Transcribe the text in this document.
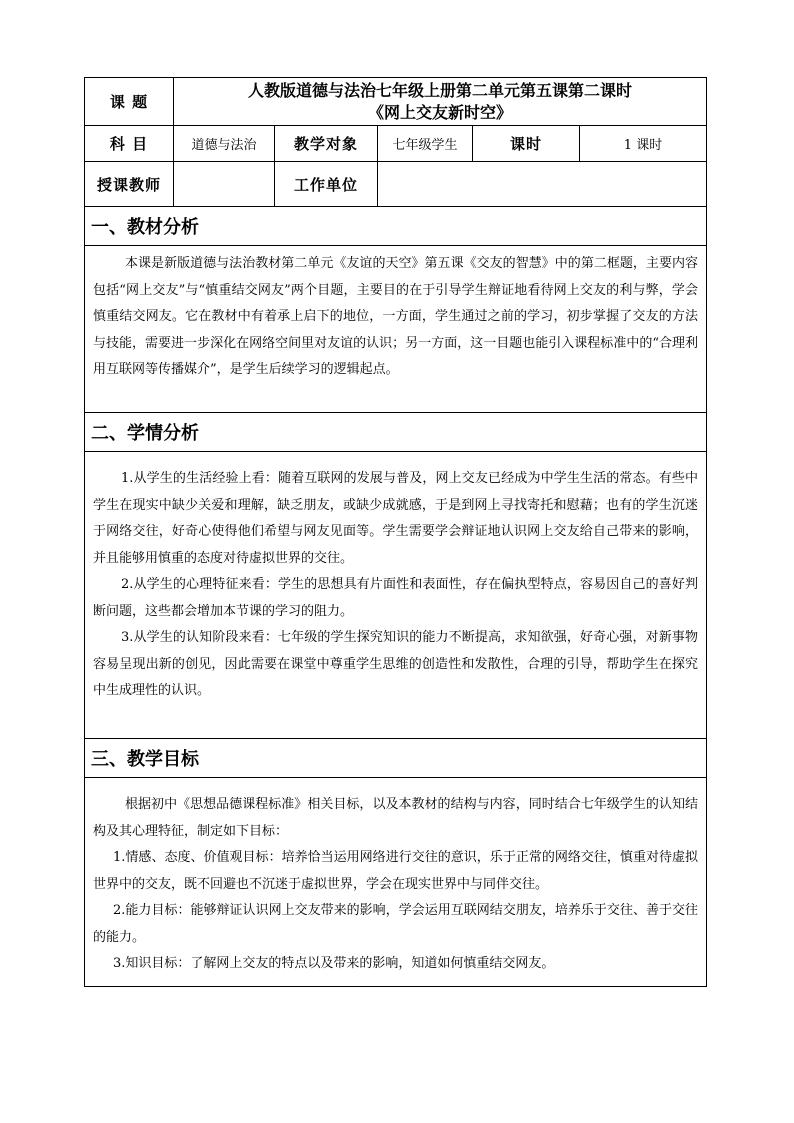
课 题	人教版道德与法治七年级上册第二单元第五课第二课时
《网上交友新时空》				

科 目	道德与法治	教学对象	七年级学生	课时	1 课时
授课教师		工作单位			
一、教材分析					

本课是新版道德与法治教材第二单元《友谊的天空》第五课《交友的智慧》中的第二框题，主要内容包括“网上交友”与“慎重结交网友”两个目题，主要目的在于引导学生辩证地看待网上交友的利与弊，学会慎重结交网友。它在教材中有着承上启下的地位，一方面，学生通过之前的学习，初步掌握了交友的方法与技能，需要进一步深化在网络空间里对友谊的认识；另一方面，这一目题也能引入课程标准中的“合理利用互联网等传播媒介”，是学生后续学习的逻辑起点。					

二、学情分析					

1.从学生的生活经验上看：随着互联网的发展与普及，网上交友已经成为中学生生活的常态。有些中学生在现实中缺少关爱和理解，缺乏朋友，或缺少成就感，于是到网上寻找寄托和慰藉；也有的学生沉迷于网络交往，好奇心使得他们希望与网友见面等。学生需要学会辩证地认识网上交友给自己带来的影响，并且能够用慎重的态度对待虚拟世界的交往。

2.从学生的心理特征来看：学生的思想具有片面性和表面性，存在偏执型特点，容易因自己的喜好判断问题，这些都会增加本节课的学习的阻力。

3.从学生的认知阶段来看：七年级的学生探究知识的能力不断提高，求知欲强，好奇心强，对新事物容易呈现出新的创见，因此需要在课堂中尊重学生思维的创造性和发散性，合理的引导，帮助学生在探究中生成理性的认识。					

三、教学目标					

根据初中《思想品德课程标准》相关目标，以及本教材的结构与内容，同时结合七年级学生的认知结构及其心理特征，制定如下目标：

1.情感、态度、价值观目标：培养恰当运用网络进行交往的意识，乐于正常的网络交往，慎重对待虚拟世界中的交友，既不回避也不沉迷于虚拟世界，学会在现实世界中与同伴交往。

2.能力目标：能够辩证认识网上交友带来的影响，学会运用互联网结交朋友，培养乐于交往、善于交往的能力。

3.知识目标：了解网上交友的特点以及带来的影响，知道如何慎重结交网友。					
